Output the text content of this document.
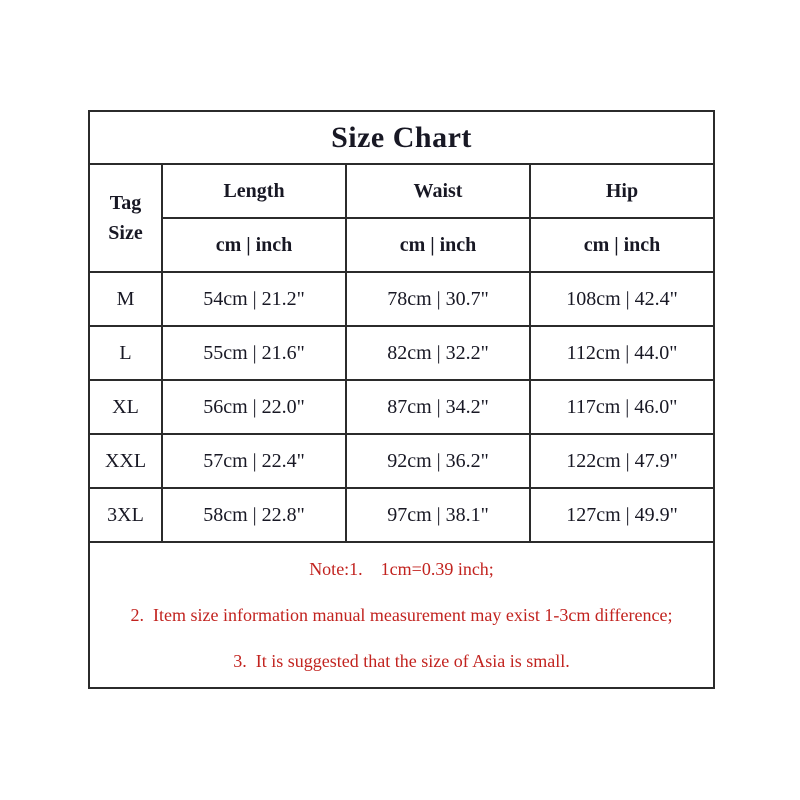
Size Chart			

Tag
Size	Length	Waist	Hip
	cm | inch	cm | inch	cm | inch
M	54cm | 21.2"	78cm | 30.7"	108cm | 42.4"
L	55cm | 21.6"	82cm | 32.2"	112cm | 44.0"
XL	56cm | 22.0"	87cm | 34.2"	117cm | 46.0"
XXL	57cm | 22.4"	92cm | 36.2"	122cm | 47.9"
3XL	58cm | 22.8"	97cm | 38.1"	127cm | 49.9"

Note:1.    1cm=0.39 inch;
2.  Item size information manual measurement may exist 1-3cm difference;
3.  It is suggested that the size of Asia is small.			
